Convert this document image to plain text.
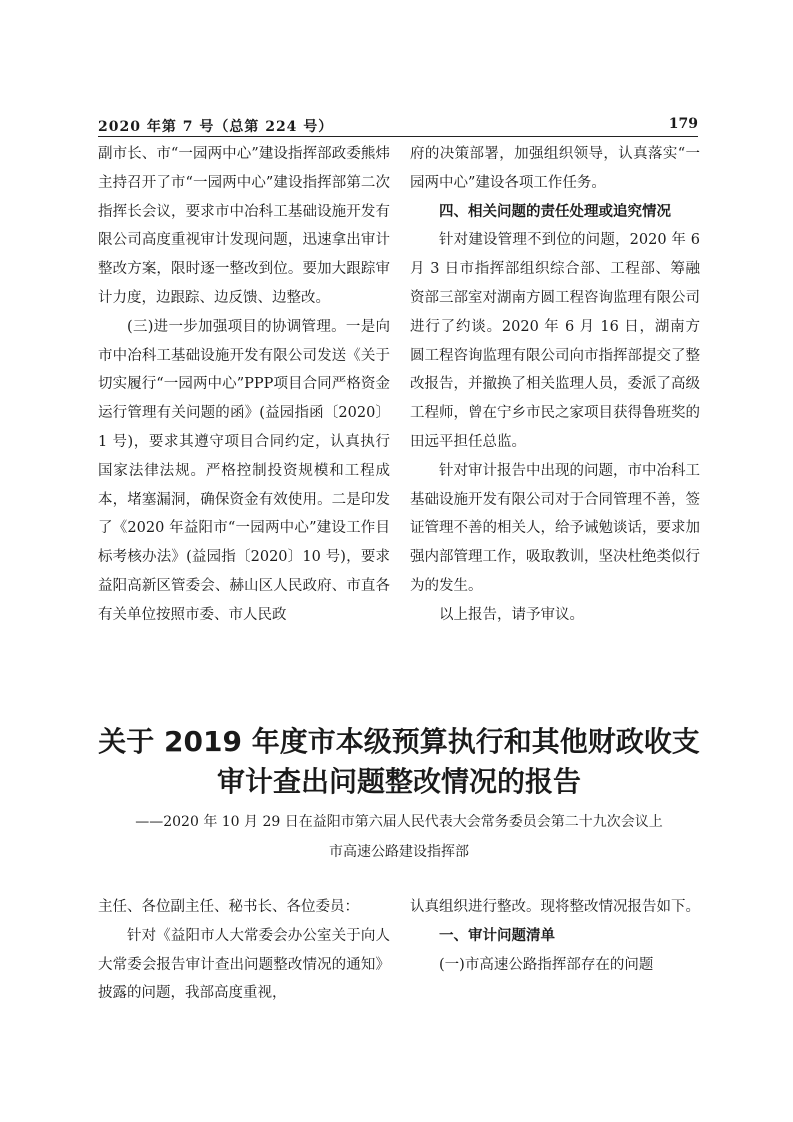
2020 年第 7 号（总第 224 号）	179

副市长、市“一园两中心”建设指挥部政委熊炜主持召开了市“一园两中心”建设指挥部第二次指挥长会议，要求市中冶科工基础设施开发有限公司高度重视审计发现问题，迅速拿出审计整改方案，限时逐一整改到位。要加大跟踪审计力度，边跟踪、边反馈、边整改。

(三)进一步加强项目的协调管理。一是向市中冶科工基础设施开发有限公司发送《关于切实履行“一园两中心”PPP项目合同严格资金运行管理有关问题的函》(益园指函〔2020〕1 号)，要求其遵守项目合同约定，认真执行国家法律法规。严格控制投资规模和工程成本，堵塞漏洞，确保资金有效使用。二是印发了《2020 年益阳市“一园两中心”建设工作目标考核办法》(益园指〔2020〕10 号)，要求益阳高新区管委会、赫山区人民政府、市直各有关单位按照市委、市人民政

府的决策部署，加强组织领导，认真落实“一园两中心”建设各项工作任务。

四、相关问题的责任处理或追究情况

针对建设管理不到位的问题，2020 年 6 月 3 日市指挥部组织综合部、工程部、筹融资部三部室对湖南方圆工程咨询监理有限公司进行了约谈。2020 年 6 月 16 日，湖南方圆工程咨询监理有限公司向市指挥部提交了整改报告，并撤换了相关监理人员，委派了高级工程师，曾在宁乡市民之家项目获得鲁班奖的田远平担任总监。

针对审计报告中出现的问题，市中冶科工基础设施开发有限公司对于合同管理不善，签证管理不善的相关人，给予诫勉谈话，要求加强内部管理工作，吸取教训，坚决杜绝类似行为的发生。

以上报告，请予审议。

关于 2019 年度市本级预算执行和其他财政收支

审计查出问题整改情况的报告

——2020 年 10 月 29 日在益阳市第六届人民代表大会常务委员会第二十九次会议上

市高速公路建设指挥部

主任、各位副主任、秘书长、各位委员：

针对《益阳市人大常委会办公室关于向人大常委会报告审计查出问题整改情况的通知》披露的问题，我部高度重视，

认真组织进行整改。现将整改情况报告如下。

一、审计问题清单

(一)市高速公路指挥部存在的问题
